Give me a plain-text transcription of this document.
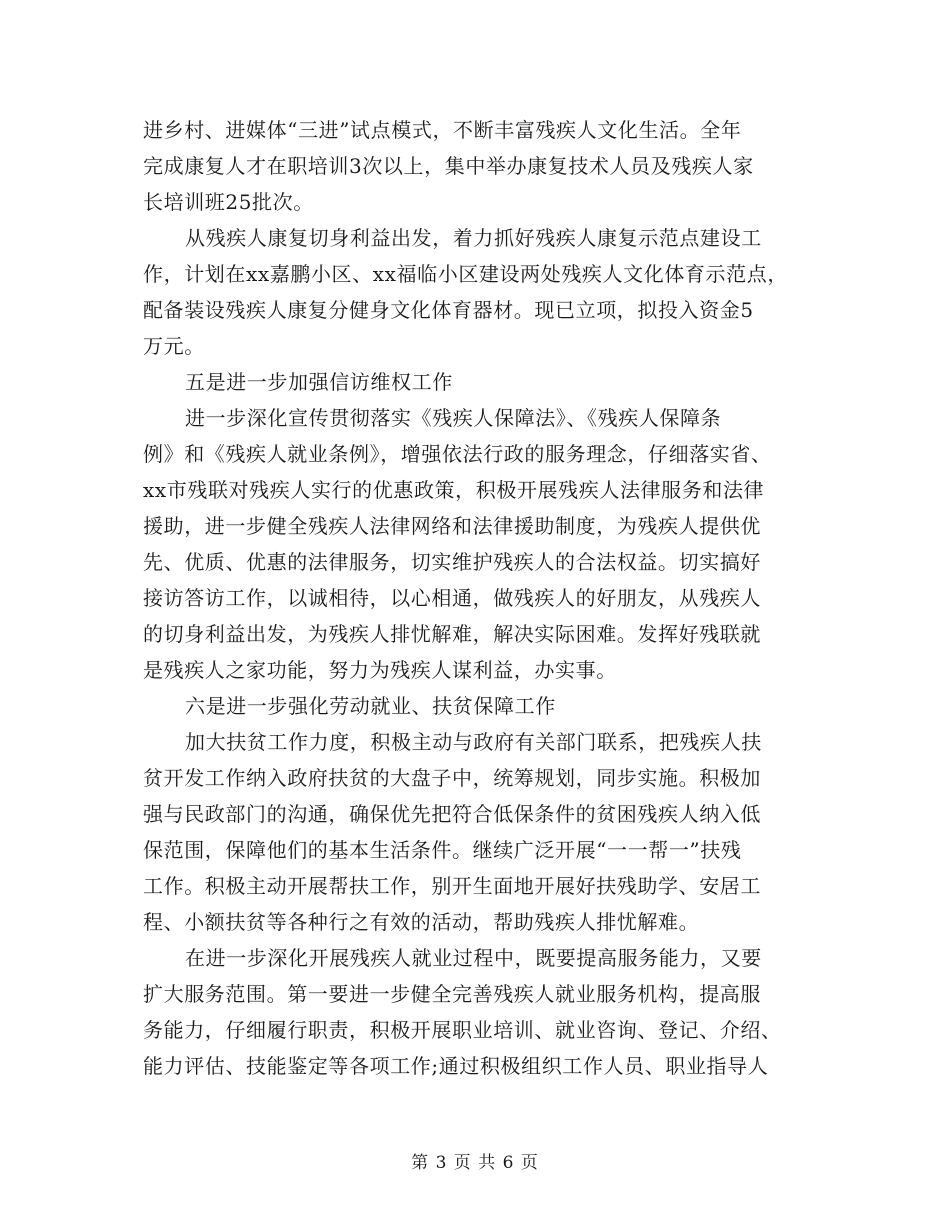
进乡村、进媒体“三进”试点模式，不断丰富残疾人文化生活。全年
完成康复人才在职培训3次以上，集中举办康复技术人员及残疾人家
长培训班25批次。
从残疾人康复切身利益出发，着力抓好残疾人康复示范点建设工
作，计划在xx嘉鹏小区、xx福临小区建设两处残疾人文化体育示范点，
配备装设残疾人康复分健身文化体育器材。现已立项，拟投入资金5
万元。
五是进一步加强信访维权工作
进一步深化宣传贯彻落实《残疾人保障法》、《残疾人保障条
例》和《残疾人就业条例》，增强依法行政的服务理念，仔细落实省、
xx市残联对残疾人实行的优惠政策，积极开展残疾人法律服务和法律
援助，进一步健全残疾人法律网络和法律援助制度，为残疾人提供优
先、优质、优惠的法律服务，切实维护残疾人的合法权益。切实搞好
接访答访工作，以诚相待，以心相通，做残疾人的好朋友，从残疾人
的切身利益出发，为残疾人排忧解难，解决实际困难。发挥好残联就
是残疾人之家功能，努力为残疾人谋利益，办实事。
六是进一步强化劳动就业、扶贫保障工作
加大扶贫工作力度，积极主动与政府有关部门联系，把残疾人扶
贫开发工作纳入政府扶贫的大盘子中，统筹规划，同步实施。积极加
强与民政部门的沟通，确保优先把符合低保条件的贫困残疾人纳入低
保范围，保障他们的基本生活条件。继续广泛开展“一一帮一”扶残
工作。积极主动开展帮扶工作，别开生面地开展好扶残助学、安居工
程、小额扶贫等各种行之有效的活动，帮助残疾人排忧解难。
在进一步深化开展残疾人就业过程中，既要提高服务能力，又要
扩大服务范围。第一要进一步健全完善残疾人就业服务机构，提高服
务能力，仔细履行职责，积极开展职业培训、就业咨询、登记、介绍、
能力评估、技能鉴定等各项工作;通过积极组织工作人员、职业指导人
第 3 页 共 6 页
